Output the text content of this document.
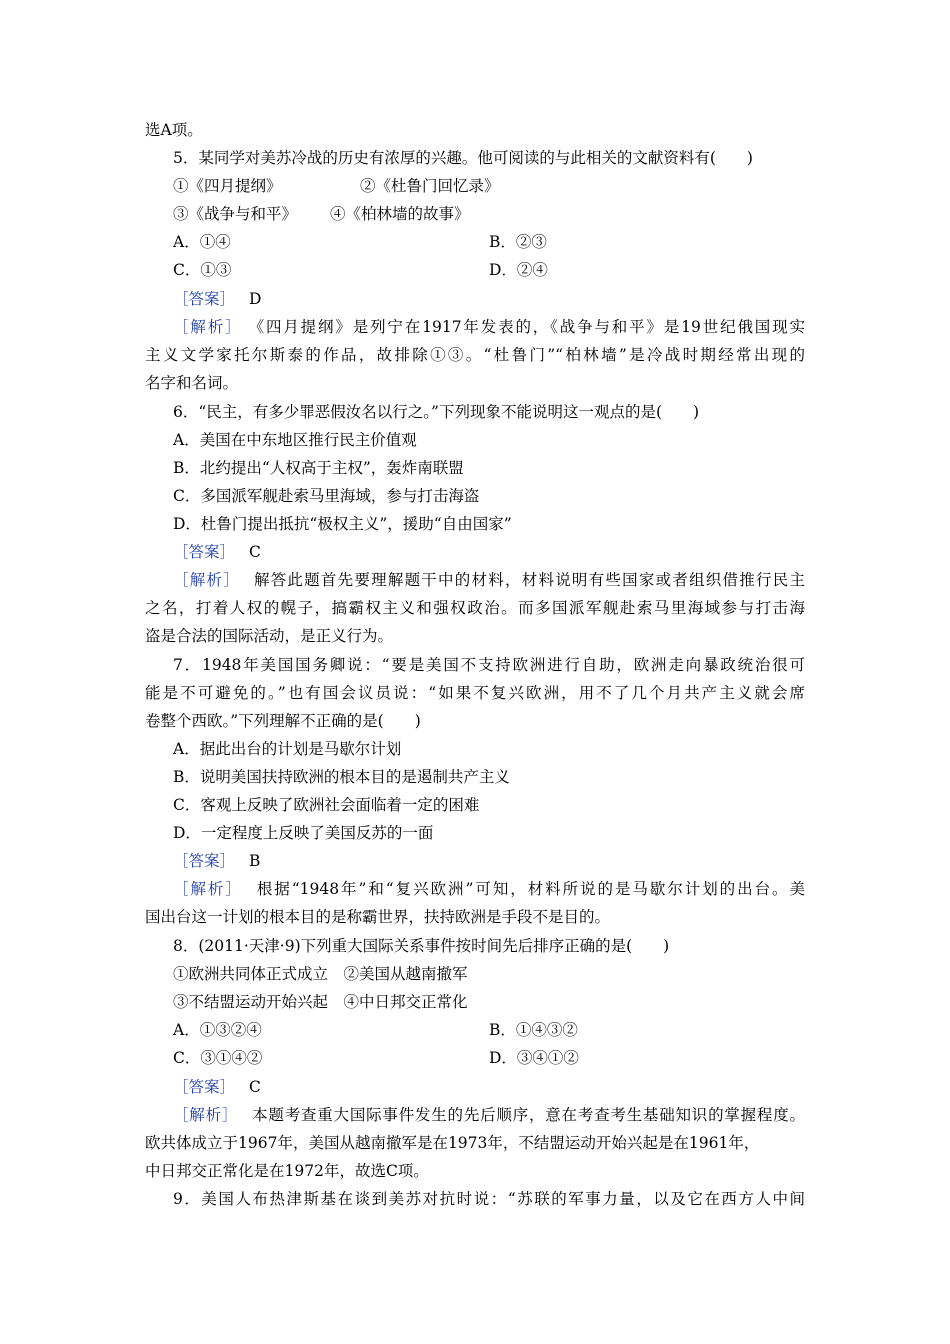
选A项。
5．某同学对美苏冷战的历史有浓厚的兴趣。他可阅读的与此相关的文献资料有(　　)
①《四月提纲》	②《杜鲁门回忆录》
③《战争与和平》 ④《柏林墙的故事》
A．①④	B．②③
C．①③	D．②④
［答案］ D
［解析］ 《四月提纲》是列宁在1917年发表的，《战争与和平》是19世纪俄国现实
主义文学家托尔斯泰的作品，故排除①③。“杜鲁门”“柏林墙”是冷战时期经常出现的
名字和名词。
6．“民主，有多少罪恶假汝名以行之。”下列现象不能说明这一观点的是(　　)
A．美国在中东地区推行民主价值观
B．北约提出“人权高于主权”，轰炸南联盟
C．多国派军舰赴索马里海域，参与打击海盗
D．杜鲁门提出抵抗“极权主义”，援助“自由国家”
［答案］ C
［解析］ 解答此题首先要理解题干中的材料，材料说明有些国家或者组织借推行民主
之名，打着人权的幌子，搞霸权主义和强权政治。而多国派军舰赴索马里海域参与打击海
盗是合法的国际活动，是正义行为。
7．1948年美国国务卿说：“要是美国不支持欧洲进行自助，欧洲走向暴政统治很可
能是不可避免的。”也有国会议员说：“如果不复兴欧洲，用不了几个月共产主义就会席
卷整个西欧。”下列理解不正确的是(　　)
A．据此出台的计划是马歇尔计划
B．说明美国扶持欧洲的根本目的是遏制共产主义
C．客观上反映了欧洲社会面临着一定的困难
D．一定程度上反映了美国反苏的一面
［答案］ B
［解析］ 根据“1948年”和“复兴欧洲”可知，材料所说的是马歇尔计划的出台。美
国出台这一计划的根本目的是称霸世界，扶持欧洲是手段不是目的。
8．(2011·天津·9)下列重大国际关系事件按时间先后排序正确的是(　　)
①欧洲共同体正式成立　②美国从越南撤军
③不结盟运动开始兴起　④中日邦交正常化
A．①③②④	B．①④③②
C．③①④②	D．③④①②
［答案］ C
［解析］ 本题考查重大国际事件发生的先后顺序，意在考查考生基础知识的掌握程度。
欧共体成立于1967年，美国从越南撤军是在1973年，不结盟运动开始兴起是在1961年，
中日邦交正常化是在1972年，故选C项。
9．美国人布热津斯基在谈到美苏对抗时说：“苏联的军事力量，以及它在西方人中间
